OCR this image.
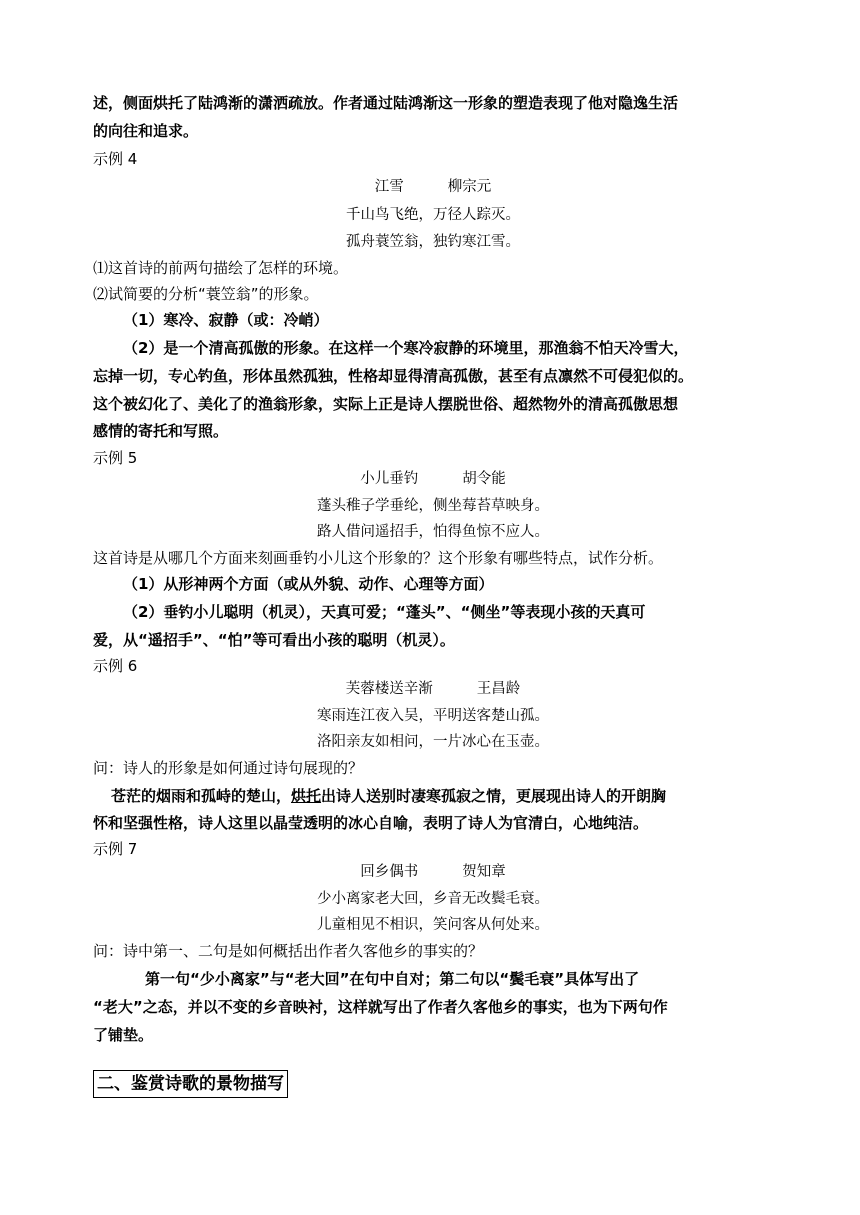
述，侧面烘托了陆鸿渐的潇洒疏放。作者通过陆鸿渐这一形象的塑造表现了他对隐逸生活
的向往和追求。
示例 4
江雪	柳宗元
千山鸟飞绝，万径人踪灭。
孤舟蓑笠翁，独钓寒江雪。
⑴这首诗的前两句描绘了怎样的环境。
⑵试简要的分析“蓑笠翁”的形象。
（1）寒冷、寂静（或：冷峭）
（2）是一个清高孤傲的形象。在这样一个寒冷寂静的环境里，那渔翁不怕天冷雪大，
忘掉一切，专心钓鱼，形体虽然孤独，性格却显得清高孤傲，甚至有点凛然不可侵犯似的。
这个被幻化了、美化了的渔翁形象，实际上正是诗人摆脱世俗、超然物外的清高孤傲思想
感情的寄托和写照。
示例 5
小儿垂钓	胡令能
蓬头稚子学垂纶，侧坐莓苔草映身。
路人借问遥招手，怕得鱼惊不应人。
这首诗是从哪几个方面来刻画垂钓小儿这个形象的？这个形象有哪些特点，试作分析。
（1）从形神两个方面（或从外貌、动作、心理等方面）
（2）垂钓小儿聪明（机灵），天真可爱；“蓬头”、“侧坐”等表现小孩的天真可
爱，从“遥招手”、“怕”等可看出小孩的聪明（机灵）。
示例 6
芙蓉楼送辛渐	王昌龄
寒雨连江夜入吴，平明送客楚山孤。
洛阳亲友如相问，一片冰心在玉壶。
问：诗人的形象是如何通过诗句展现的？
苍茫的烟雨和孤峙的楚山，烘托出诗人送别时凄寒孤寂之情，更展现出诗人的开朗胸
怀和坚强性格，诗人这里以晶莹透明的冰心自喻，表明了诗人为官清白，心地纯洁。
示例 7
回乡偶书	贺知章
少小离家老大回，乡音无改鬓毛衰。
儿童相见不相识，笑问客从何处来。
问：诗中第一、二句是如何概括出作者久客他乡的事实的？
第一句“少小离家”与“老大回”在句中自对；第二句以“鬓毛衰”具体写出了
“老大”之态，并以不变的乡音映衬，这样就写出了作者久客他乡的事实，也为下两句作
了铺垫。
二、鉴赏诗歌的景物描写
